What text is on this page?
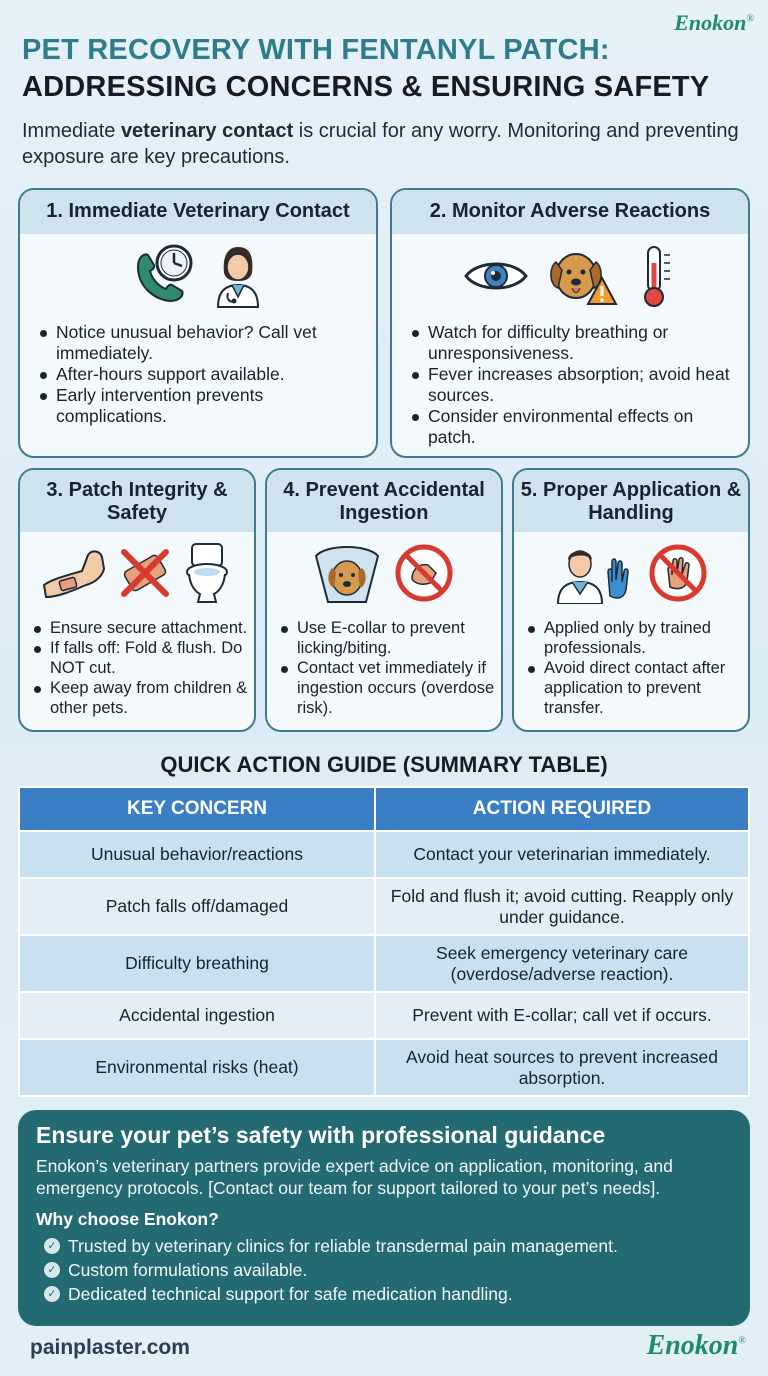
Enokon®
PET RECOVERY WITH FENTANYL PATCH:
ADDRESSING CONCERNS & ENSURING SAFETY
Immediate veterinary contact is crucial for any worry. Monitoring and preventing exposure are key precautions.
1. Immediate Veterinary Contact
Notice unusual behavior? Call vet immediately.
After-hours support available.
Early intervention prevents complications.
2. Monitor Adverse Reactions
Watch for difficulty breathing or unresponsiveness.
Fever increases absorption; avoid heat sources.
Consider environmental effects on patch.
3. Patch Integrity & Safety
Ensure secure attachment.
If falls off: Fold & flush. Do NOT cut.
Keep away from children & other pets.
4. Prevent Accidental Ingestion
Use E-collar to prevent licking/biting.
Contact vet immediately if ingestion occurs (overdose risk).
5. Proper Application & Handling
Applied only by trained professionals.
Avoid direct contact after application to prevent transfer.
QUICK ACTION GUIDE (SUMMARY TABLE)
KEY CONCERN	ACTION REQUIRED
Unusual behavior/reactions	Contact your veterinarian immediately.
Patch falls off/damaged	Fold and flush it; avoid cutting. Reapply only under guidance.
Difficulty breathing	Seek emergency veterinary care (overdose/adverse reaction).
Accidental ingestion	Prevent with E-collar; call vet if occurs.
Environmental risks (heat)	Avoid heat sources to prevent increased absorption.
Ensure your pet’s safety with professional guidance

Enokon’s veterinary partners provide expert advice on application, monitoring, and emergency protocols. [Contact our team for support tailored to your pet’s needs].

Why choose Enokon?
✓ Trusted by veterinary clinics for reliable transdermal pain management.
✓ Custom formulations available.
✓ Dedicated technical support for safe medication handling.
painplaster.com	Enokon®
